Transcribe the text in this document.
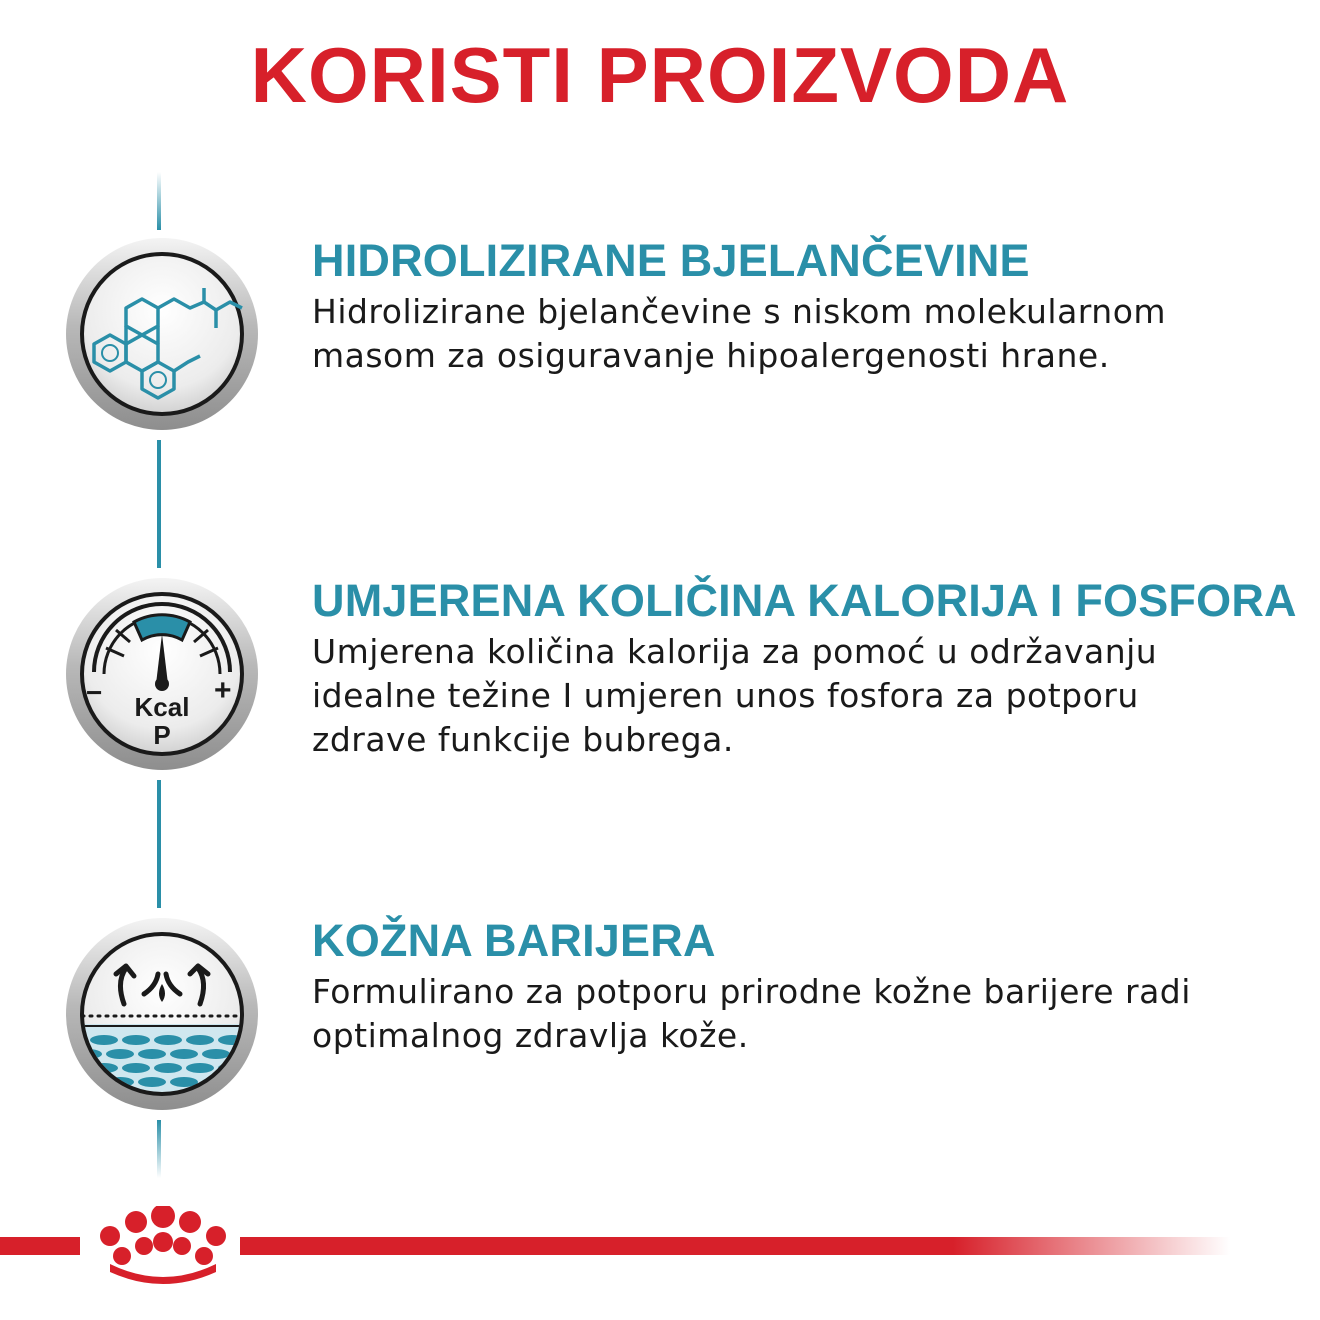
KORISTI PROIZVODA
HIDROLIZIRANE BJELANČEVINE

Hidrolizirane bjelančevine s niskom molekularnom
masom za osiguravanje hipoalergenosti hrane.

−	+
Kcal
P
UMJERENA KOLIČINA KALORIJA I FOSFORA

Umjerena količina kalorija za pomoć u održavanju
idealne težine I umjeren unos fosfora za potporu
zdrave funkcije bubrega.

KOŽNA BARIJERA

Formulirano za potporu prirodne kožne barijere radi
optimalnog zdravlja kože.
